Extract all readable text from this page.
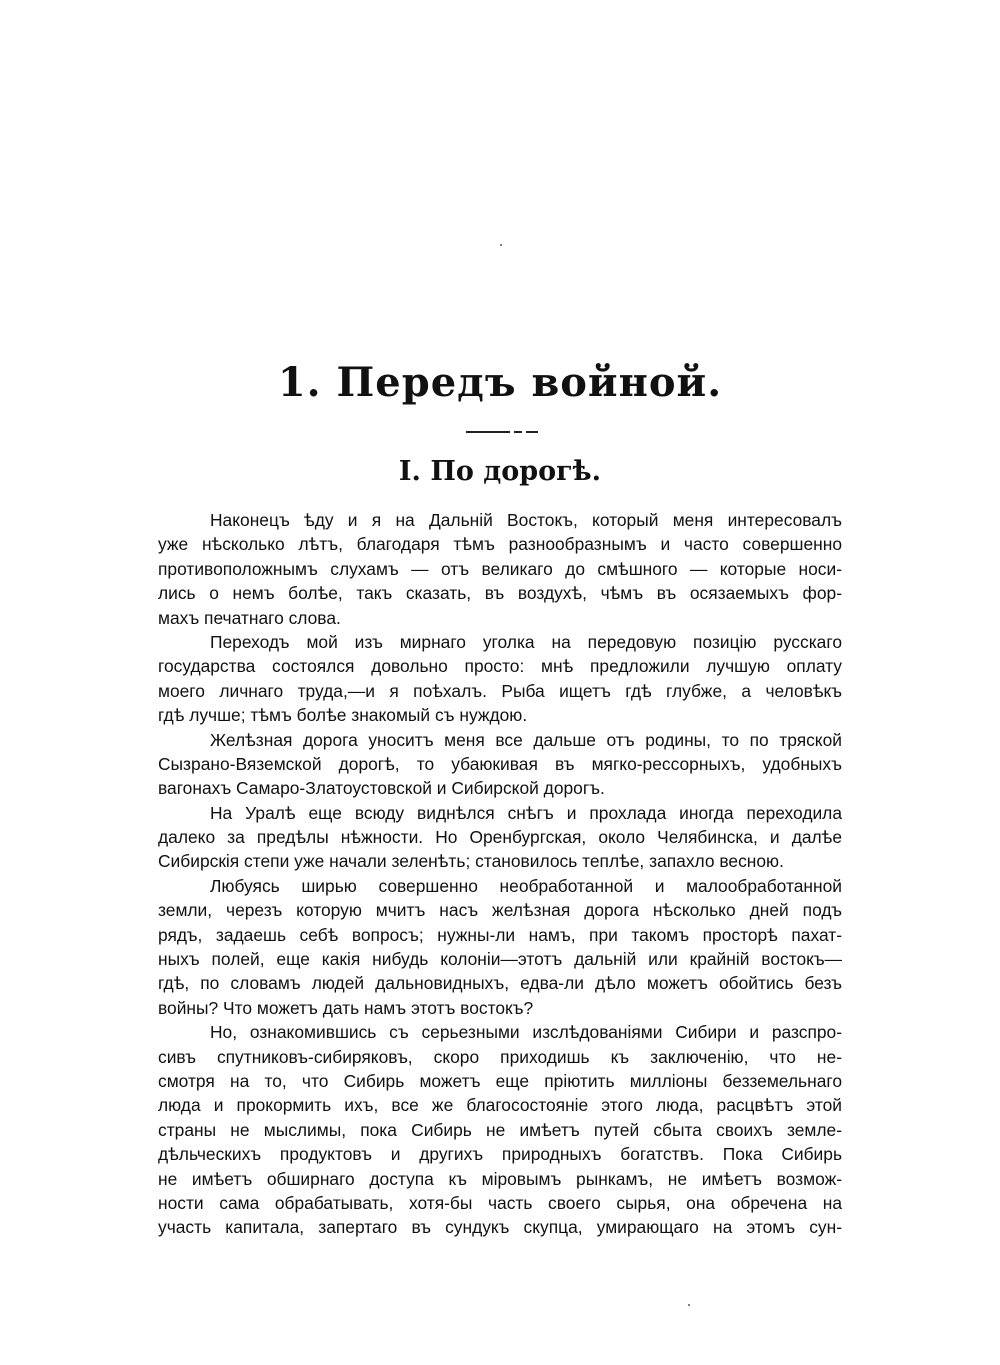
1. Передъ войной.
I. По дорогѣ.
Наконецъ ѣду и я на Дальній Востокъ, который меня интересовалъ
уже нѣсколько лѣтъ, благодаря тѣмъ разнообразнымъ и часто совершенно
противоположнымъ слухамъ — отъ великаго до смѣшного — которые носи-
лись о немъ болѣе, такъ сказать, въ воздухѣ, чѣмъ въ осязаемыхъ фор-
махъ печатнаго слова.
Переходъ мой изъ мирнаго уголка на передовую позицію русскаго
государства состоялся довольно просто: мнѣ предложили лучшую оплату
моего личнаго труда,—и я поѣхалъ. Рыба ищетъ гдѣ глубже, а человѣкъ
гдѣ лучше; тѣмъ болѣе знакомый съ нуждою.
Желѣзная дорога уноситъ меня все дальше отъ родины, то по тряской
Сызрано-Вяземской дорогѣ, то убаюкивая въ мягко-рессорныхъ, удобныхъ
вагонахъ Самаро-Златоустовской и Сибирской дорогъ.
На Уралѣ еще всюду виднѣлся снѣгъ и прохлада иногда переходила
далеко за предѣлы нѣжности. Но Оренбургская, около Челябинска, и далѣе
Сибирскія степи уже начали зеленѣть; становилось теплѣе, запахло весною.
Любуясь ширью совершенно необработанной и малообработанной
земли, черезъ которую мчитъ насъ желѣзная дорога нѣсколько дней подъ
рядъ, задаешь себѣ вопросъ; нужны-ли намъ, при такомъ просторѣ пахат-
ныхъ полей, еще какія нибудь колоніи—этотъ дальній или крайній востокъ—
гдѣ, по словамъ людей дальновидныхъ, едва-ли дѣло можетъ обойтись безъ
войны? Что можетъ дать намъ этотъ востокъ?
Но, ознакомившись съ серьезными изслѣдованіями Сибири и разспро-
сивъ спутниковъ-сибиряковъ, скоро приходишь къ заключенію, что не-
смотря на то, что Сибирь можетъ еще пріютить милліоны безземельнаго
люда и прокормить ихъ, все же благосостояніе этого люда, расцвѣтъ этой
страны не мыслимы, пока Сибирь не имѣетъ путей сбыта своихъ земле-
дѣльческихъ продуктовъ и другихъ природныхъ богатствъ. Пока Сибирь
не имѣетъ обширнаго доступа къ міровымъ рынкамъ, не имѣетъ возмож-
ности сама обрабатывать, хотя-бы часть своего сырья, она обречена на
участь капитала, запертаго въ сундукъ скупца, умирающаго на этомъ сун-
